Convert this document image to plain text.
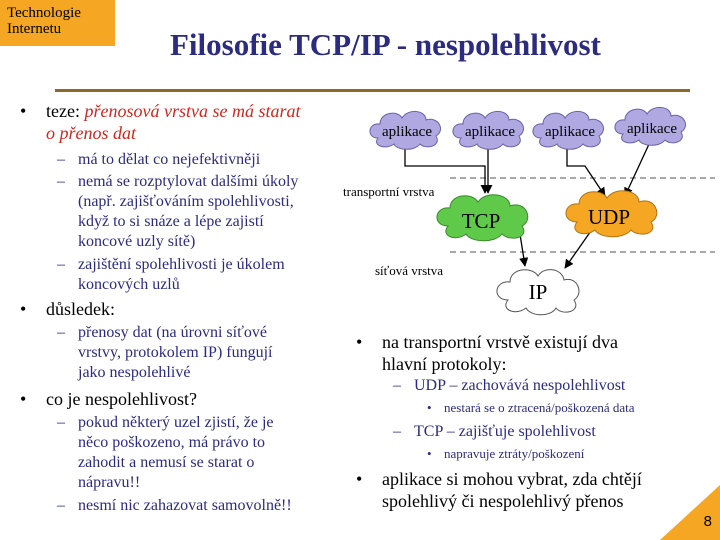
Technologie
Internetu	Filosofie TCP/IP - nespolehlivost
• teze: přenosová vrstva se má starat
o přenos dat
– má to dělat co nejefektivněji
– nemá se rozptylovat dalšími úkoly
(např. zajišťováním spolehlivosti,
když to si snáze a lépe zajistí
koncové uzly sítě)
– zajištění spolehlivosti je úkolem
koncových uzlů
• důsledek:
– přenosy dat (na úrovni síťové
vrstvy, protokolem IP) fungují
jako nespolehlivé
• co je nespolehlivost?
– pokud některý uzel zjistí, že je
něco poškozeno, má právo to
zahodit a nemusí se starat o
nápravu!!
– nesmí nic zahazovat samovolně!!
aplikace aplikace aplikace aplikace
transportní vrstva
síťová vrstva
TCP	UDP
IP
• na transportní vrstvě existují dva
hlavní protokoly:
– UDP – zachovává nespolehlivost
• nestará se o ztracená/poškozená data
– TCP – zajišťuje spolehlivost
• napravuje ztráty/poškození
• aplikace si mohou vybrat, zda chtějí
spolehlivý či nespolehlivý přenos
8
